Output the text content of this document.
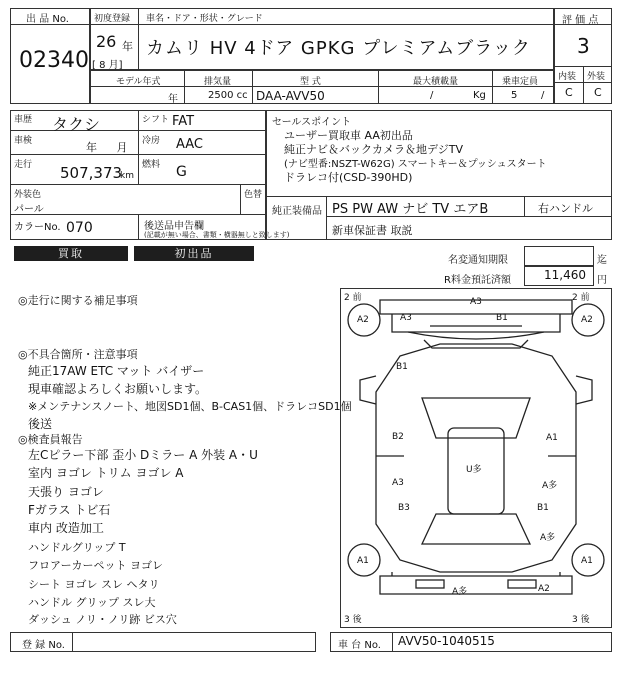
出 品 No.
02340
初度登録 車名・ドア・形状・グレード
26 年
[ 8 月]
カムリ HV 4ドア GPKG プレミアムブラック
評 価 点
3
内装 外装
C C
モデル年式	排気量	型 式	最大積載量	乗車定員
年	2500 cc DAA-AVV50	/	Kg	5 /
車歴 タクシ	シフト FAT
車検	年 月 冷房 AAC
走行 507,373
km
燃料 G
外装色
パール
色替
カラーNo. 070	後送品申告欄
(記載が無い場合、書類・横器無しと致します)
セールスポイント
ユーザー買取車 AA初出品
純正ナビ＆バックカメラ＆地デジTV
(ナビ型番:NSZT-W62G) スマートキー＆プッシュスタート
ドラレコ付(CSD-390HD)
純正装備品 PS PW AW ナビ TV エアB	右ハンドル
新車保証書 取説
買取	初出品
名変通知期限	迄
R料金預託済額	11,460 円
◎走行に関する補足事項
◎不具合箇所・注意事項
純正17AW ETC マット バイザー
現車確認よろしくお願いします。
※メンテナンスノート、地図SD1個、B-CAS1個、ドラレコSD1個
後送
◎検査員報告
左Cピラー下部 歪小 Dミラー A 外装 A・U
室内 ヨゴレ トリム ヨゴレ A
天張り ヨゴレ
Fガラス トビ石
車内 改造加工
ハンドルグリップ T
フロアーカーペット ヨゴレ
シート ヨゴレ スレ ヘタリ
ハンドル グリップ スレ大
ダッシュ ノリ・ノリ跡 ビス穴
2 前	2 前
3 後	3 後
A3
A3	B1
A2	A2
B1
B2	A1
A3
U多
A多
B3	B1
A多
A1	A1
A多	A2
登 録 No.	車 台 No. AVV50-1040515
